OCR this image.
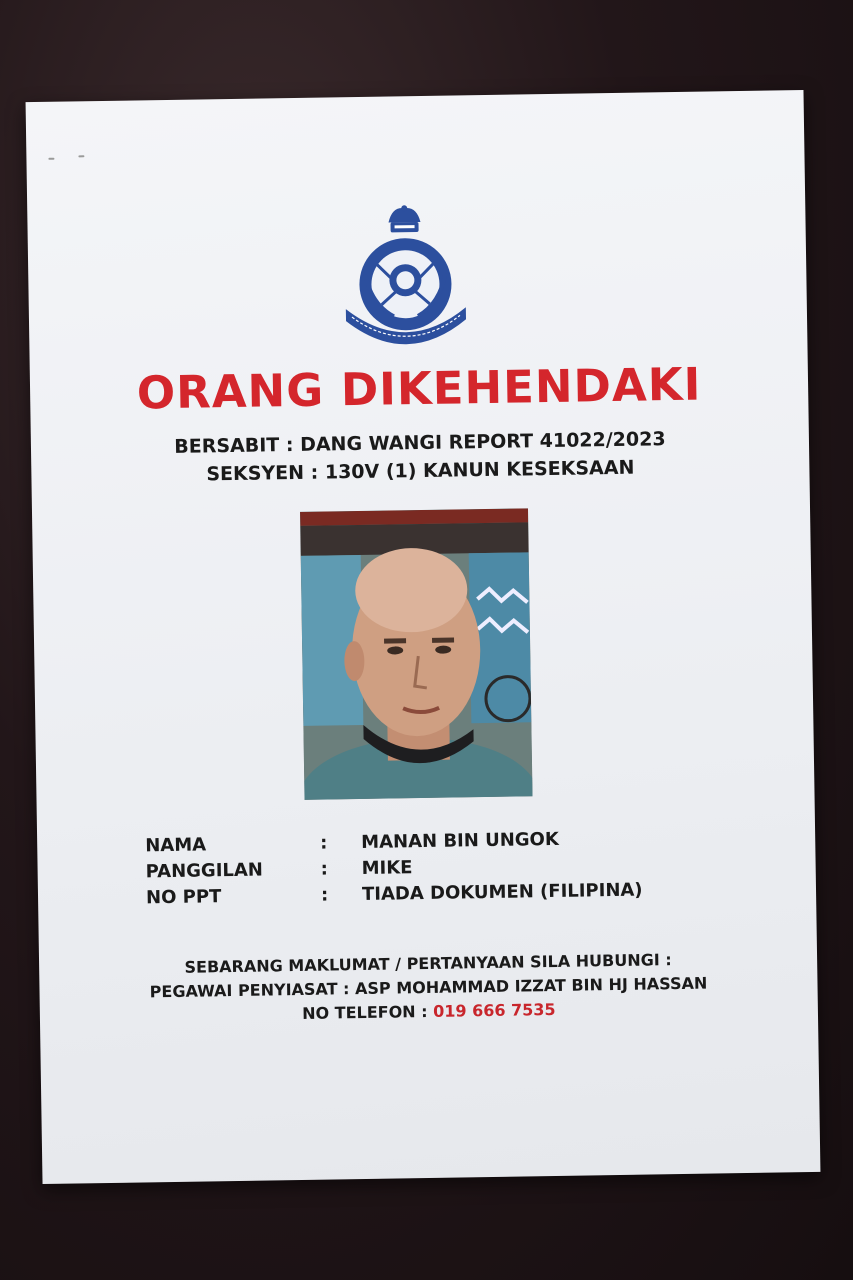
ORANG DIKEHENDAKI
BERSABIT : DANG WANGI REPORT 41022/2023
SEKSYEN : 130V (1) KANUN KESEKSAAN
NAMA	: MANAN BIN UNGOK
PANGGILAN	: MIKE
NO PPT	: TIADA DOKUMEN (FILIPINA)
SEBARANG MAKLUMAT / PERTANYAAN SILA HUBUNGI :
PEGAWAI PENYIASAT : ASP MOHAMMAD IZZAT BIN HJ HASSAN
NO TELEFON : 019 666 7535
